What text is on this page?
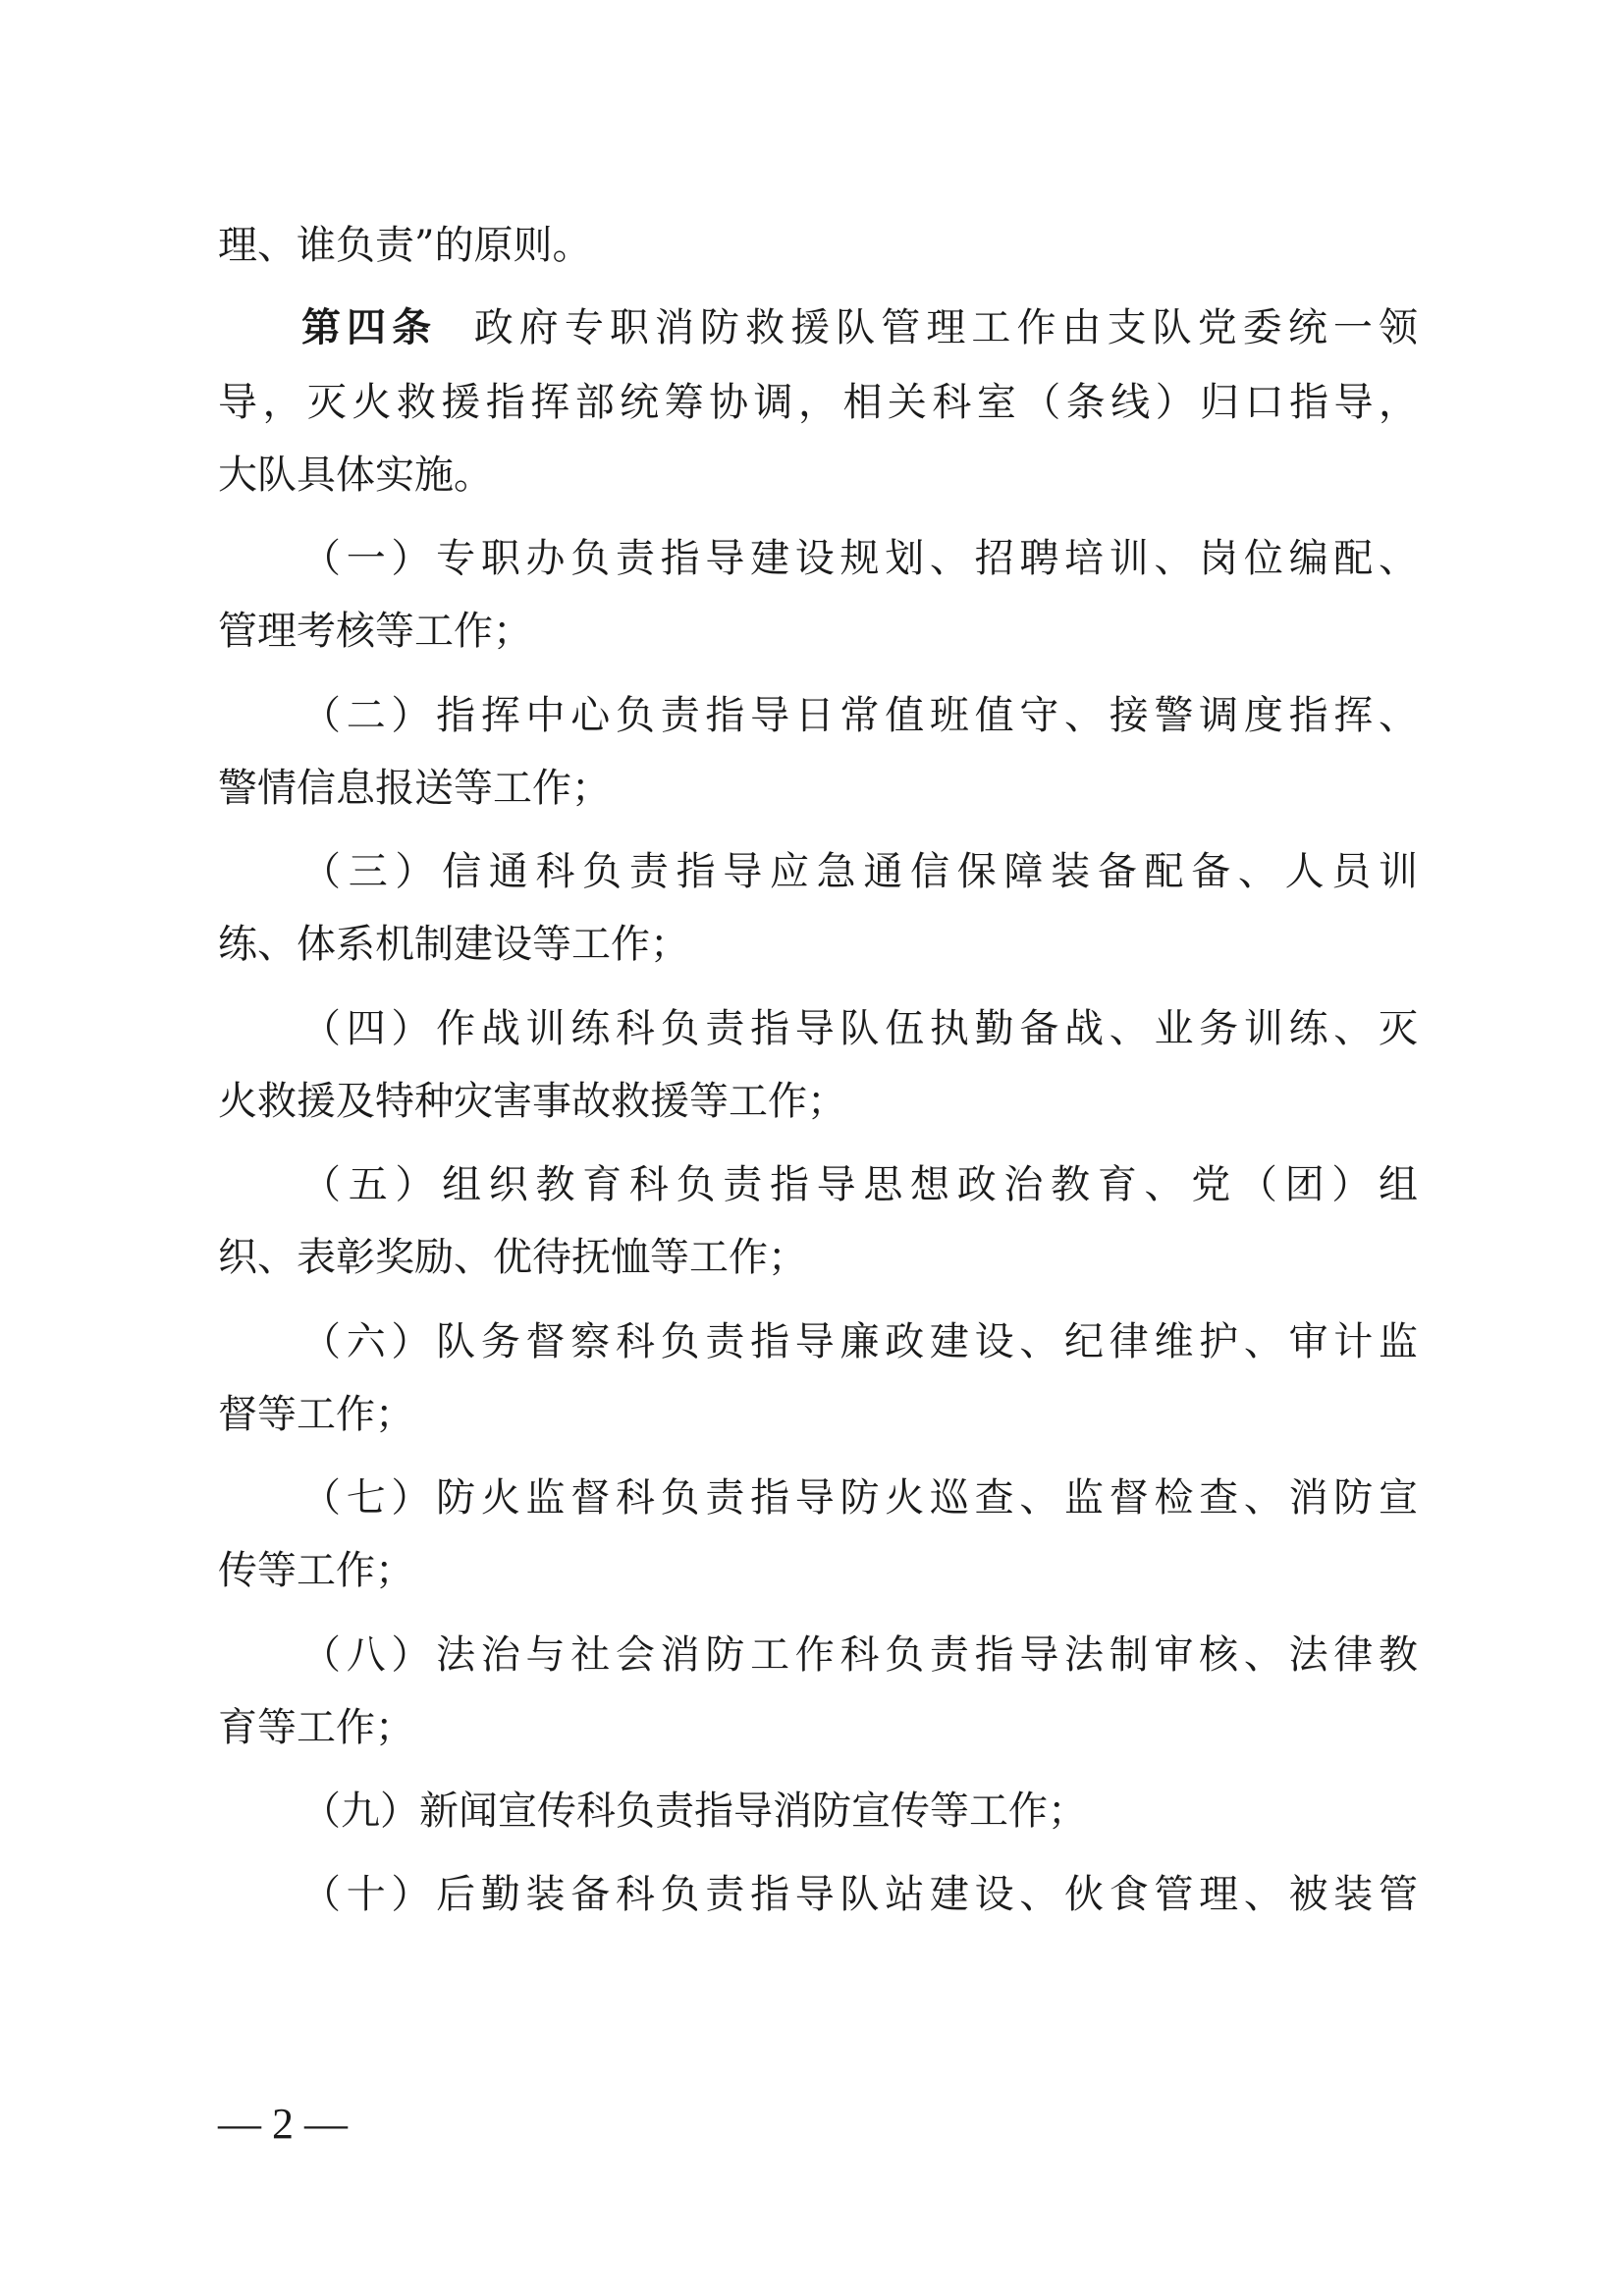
理、谁负责”的原则。
第四条 政府专职消防救援队管理工作由支队党委统一领
导，灭火救援指挥部统筹协调，相关科室（条线）归口指导，
大队具体实施。
（一）专职办负责指导建设规划、招聘培训、岗位编配、
管理考核等工作；
（二）指挥中心负责指导日常值班值守、接警调度指挥、
警情信息报送等工作；
（三）信通科负责指导应急通信保障装备配备、人员训
练、体系机制建设等工作；
（四）作战训练科负责指导队伍执勤备战、业务训练、灭
火救援及特种灾害事故救援等工作；
（五）组织教育科负责指导思想政治教育、党（团）组
织、表彰奖励、优待抚恤等工作；
（六）队务督察科负责指导廉政建设、纪律维护、审计监
督等工作；
（七）防火监督科负责指导防火巡查、监督检查、消防宣
传等工作；
（八）法治与社会消防工作科负责指导法制审核、法律教
育等工作；
（九）新闻宣传科负责指导消防宣传等工作；
（十）后勤装备科负责指导队站建设、伙食管理、被装管
— 2 —
